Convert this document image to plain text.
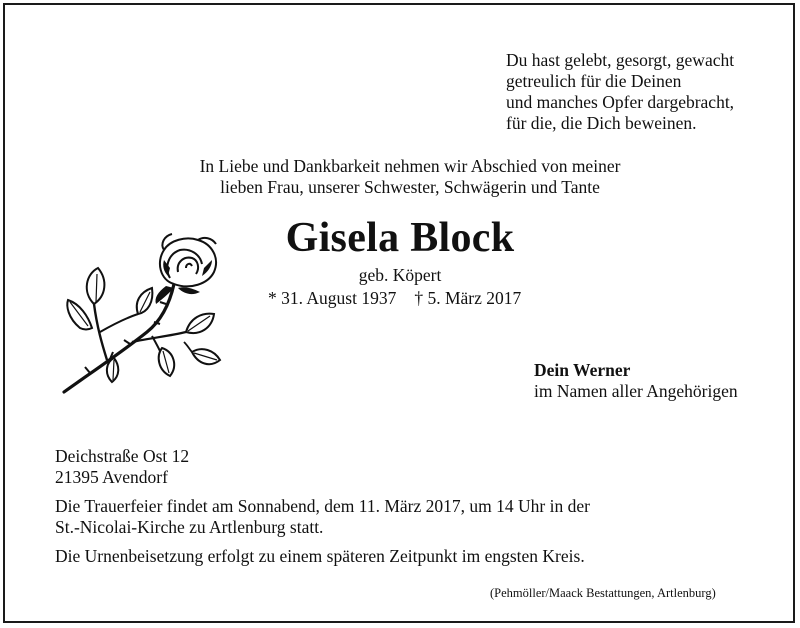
Du hast gelebt, gesorgt, gewacht
getreulich für die Deinen
und manches Opfer dargebracht,
für die, die Dich beweinen.
In Liebe und Dankbarkeit nehmen wir Abschied von meiner
lieben Frau, unserer Schwester, Schwägerin und Tante
Gisela Block
geb. Köpert
* 31. August 1937 † 5. März 2017
Dein Werner
im Namen aller Angehörigen
Deichstraße Ost 12
21395 Avendorf
Die Trauerfeier findet am Sonnabend, dem 11. März 2017, um 14 Uhr in der
St.-Nicolai-Kirche zu Artlenburg statt.
Die Urnenbeisetzung erfolgt zu einem späteren Zeitpunkt im engsten Kreis.
(Pehmöller/Maack Bestattungen, Artlenburg)
